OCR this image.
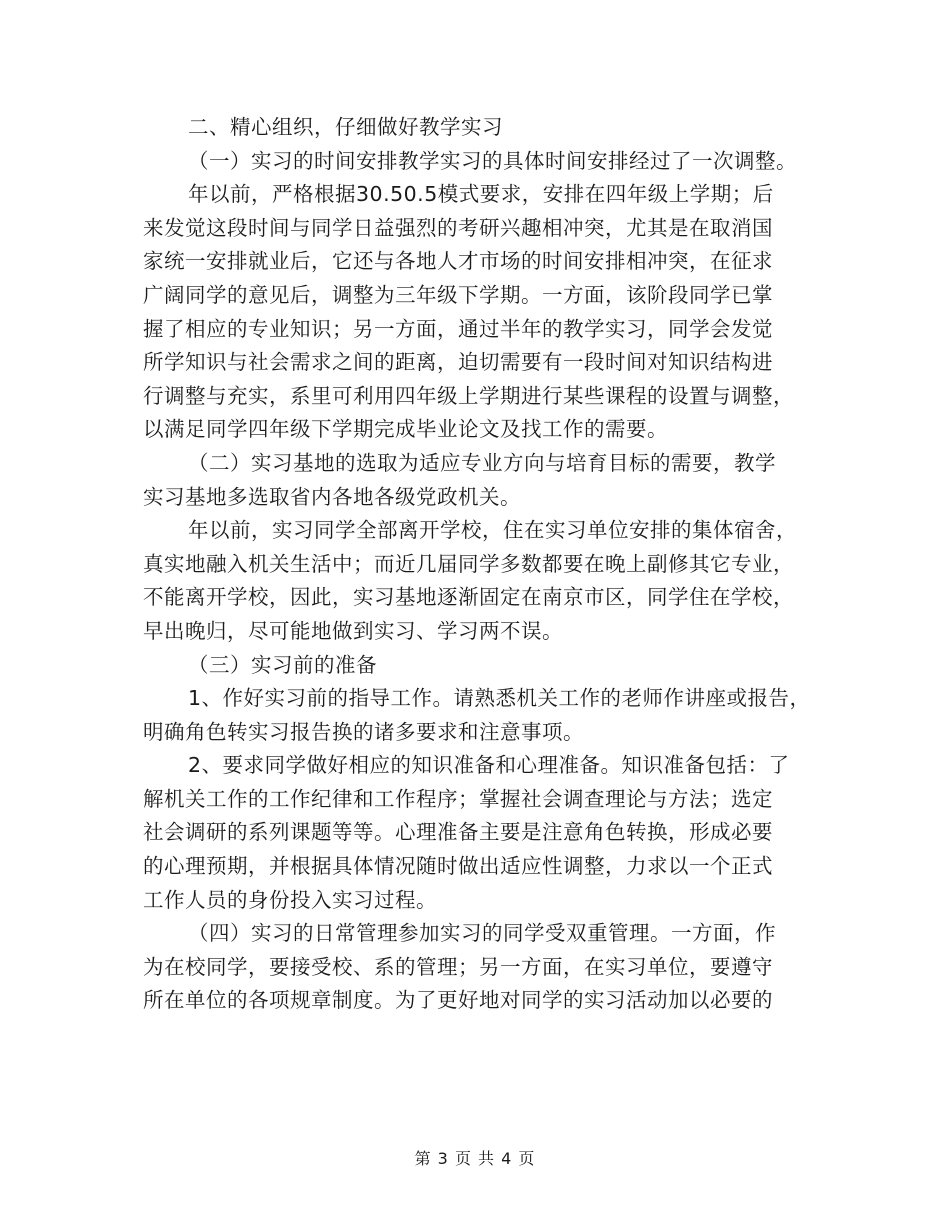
二、精心组织，仔细做好教学实习
（一）实习的时间安排教学实习的具体时间安排经过了一次调整。
年以前，严格根据30.50.5模式要求，安排在四年级上学期；后
来发觉这段时间与同学日益强烈的考研兴趣相冲突，尤其是在取消国
家统一安排就业后，它还与各地人才市场的时间安排相冲突，在征求
广阔同学的意见后，调整为三年级下学期。一方面，该阶段同学已掌
握了相应的专业知识；另一方面，通过半年的教学实习，同学会发觉
所学知识与社会需求之间的距离，迫切需要有一段时间对知识结构进
行调整与充实，系里可利用四年级上学期进行某些课程的设置与调整，
以满足同学四年级下学期完成毕业论文及找工作的需要。
（二）实习基地的选取为适应专业方向与培育目标的需要，教学
实习基地多选取省内各地各级党政机关。
年以前，实习同学全部离开学校，住在实习单位安排的集体宿舍，
真实地融入机关生活中；而近几届同学多数都要在晚上副修其它专业，
不能离开学校，因此，实习基地逐渐固定在南京市区，同学住在学校，
早出晚归，尽可能地做到实习、学习两不误。
（三）实习前的准备
1、作好实习前的指导工作。请熟悉机关工作的老师作讲座或报告，
明确角色转实习报告换的诸多要求和注意事项。
2、要求同学做好相应的知识准备和心理准备。知识准备包括：了
解机关工作的工作纪律和工作程序；掌握社会调查理论与方法；选定
社会调研的系列课题等等。心理准备主要是注意角色转换，形成必要
的心理预期，并根据具体情况随时做出适应性调整，力求以一个正式
工作人员的身份投入实习过程。
（四）实习的日常管理参加实习的同学受双重管理。一方面，作
为在校同学，要接受校、系的管理；另一方面，在实习单位，要遵守
所在单位的各项规章制度。为了更好地对同学的实习活动加以必要的
第 3 页 共 4 页
